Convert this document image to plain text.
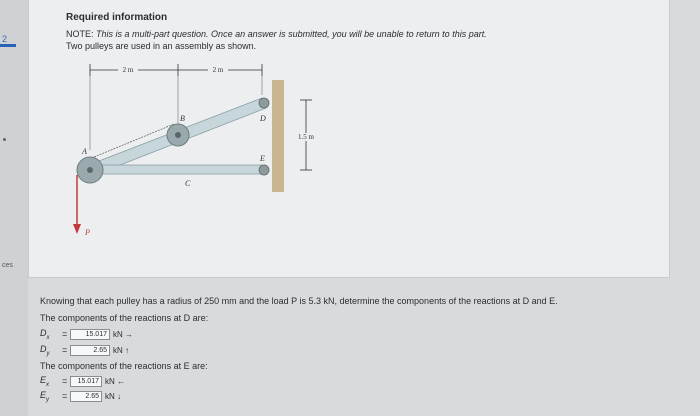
2
ces
Required information
NOTE: This is a multi-part question. Once an answer is submitted, you will be unable to return to this part.
Two pulleys are used in an assembly as shown.
2 m	2 m
1.5 m
A
B
C
D
E
P
Knowing that each pulley has a radius of 250 mm and the load P is 5.3 kN, determine the components of the reactions at D and E.
The components of the reactions at D are:
$D_x$	=	15.017 kN →
$D_y$	=	2.65 kN ↑
The components of the reactions at E are:
$E_x$	=	15.017 kN ←
$E_y$	=	2.65 kN ↓
